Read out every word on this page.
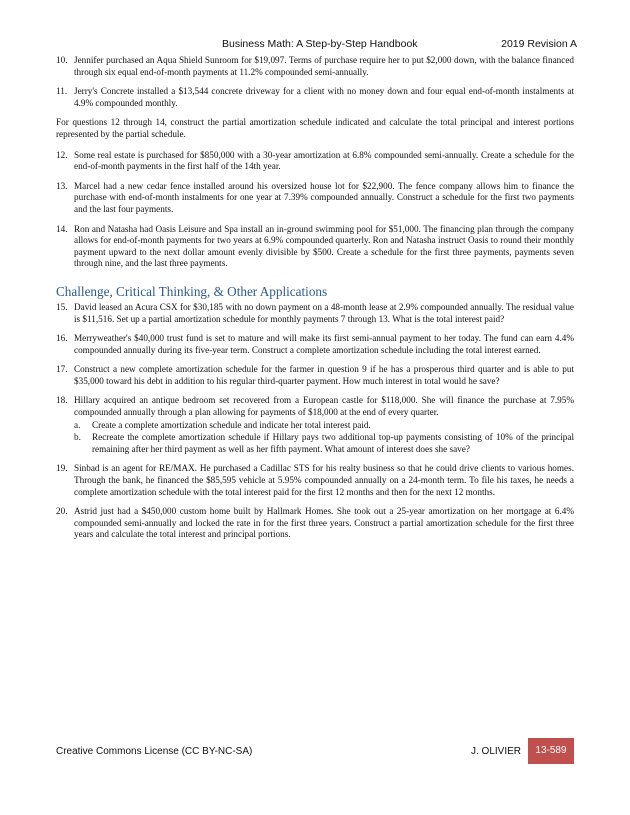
Business Math: A Step-by-Step Handbook	2019 Revision A
10. Jennifer purchased an Aqua Shield Sunroom for $19,097. Terms of purchase require her to put $2,000 down, with the balance financed through six equal end-of-month payments at 11.2% compounded semi-annually.
11. Jerry's Concrete installed a $13,544 concrete driveway for a client with no money down and four equal end-of-month instalments at 4.9% compounded monthly.

For questions 12 through 14, construct the partial amortization schedule indicated and calculate the total principal and interest portions represented by the partial schedule.

12. Some real estate is purchased for $850,000 with a 30-year amortization at 6.8% compounded semi-annually. Create a schedule for the end-of-month payments in the first half of the 14th year.
13. Marcel had a new cedar fence installed around his oversized house lot for $22,900. The fence company allows him to finance the purchase with end-of-month instalments for one year at 7.39% compounded annually. Construct a schedule for the first two payments and the last four payments.
14. Ron and Natasha had Oasis Leisure and Spa install an in-ground swimming pool for $51,000. The financing plan through the company allows for end-of-month payments for two years at 6.9% compounded quarterly. Ron and Natasha instruct Oasis to round their monthly payment upward to the next dollar amount evenly divisible by $500. Create a schedule for the first three payments, payments seven through nine, and the last three payments.
Challenge, Critical Thinking, & Other Applications
15. David leased an Acura CSX for $30,185 with no down payment on a 48-month lease at 2.9% compounded annually. The residual value is $11,516. Set up a partial amortization schedule for monthly payments 7 through 13. What is the total interest paid?
16. Merryweather's $40,000 trust fund is set to mature and will make its first semi-annual payment to her today. The fund can earn 4.4% compounded annually during its five-year term. Construct a complete amortization schedule including the total interest earned.
17. Construct a new complete amortization schedule for the farmer in question 9 if he has a prosperous third quarter and is able to put $35,000 toward his debt in addition to his regular third-quarter payment. How much interest in total would he save?
18. Hillary acquired an antique bedroom set recovered from a European castle for $118,000. She will finance the purchase at 7.95% compounded annually through a plan allowing for payments of $18,000 at the end of every quarter.
a. Create a complete amortization schedule and indicate her total interest paid.
b. Recreate the complete amortization schedule if Hillary pays two additional top-up payments consisting of 10% of the principal remaining after her third payment as well as her fifth payment. What amount of interest does she save?
19. Sinbad is an agent for RE/MAX. He purchased a Cadillac STS for his realty business so that he could drive clients to various homes. Through the bank, he financed the $85,595 vehicle at 5.95% compounded annually on a 24-month term. To file his taxes, he needs a complete amortization schedule with the total interest paid for the first 12 months and then for the next 12 months.
20. Astrid just had a $450,000 custom home built by Hallmark Homes. She took out a 25-year amortization on her mortgage at 6.4% compounded semi-annually and locked the rate in for the first three years. Construct a partial amortization schedule for the first three years and calculate the total interest and principal portions.
Creative Commons License (CC BY-NC-SA)	J. OLIVIER	13-589
